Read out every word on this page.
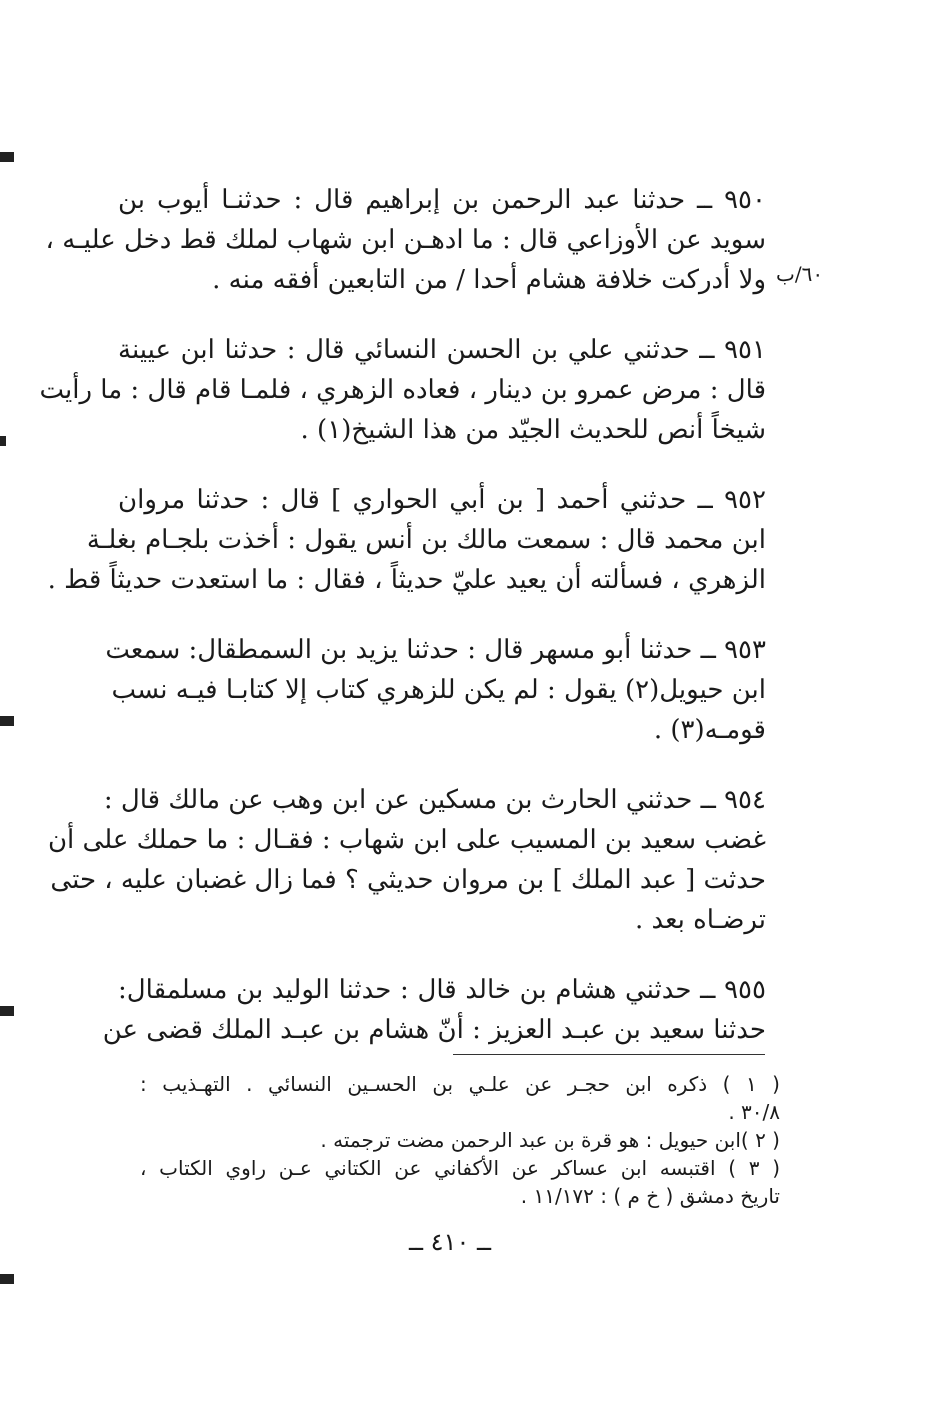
٩٥٠ ــ حدثنا عبد الرحمن بن إبراهيم قال : حدثنـا أيوب بن
سويد عن الأوزاعي قال : ما ادهـن ابن شهاب لملك قط دخل عليـه ،
ولا أدركت خلافة هشام أحدا / من التابعين أفقه منه . ٦٠/ب
٩٥١ ــ حدثني علي بن الحسن النسائي قال : حدثنا ابن عيينة
قال : مرض عمرو بن دينار ، فعاده الزهري ، فلمـا قام قال : ما رأيت
شيخاً أنص للحديث الجيّد من هذا الشيخ(١) .
٩٥٢ ــ حدثني أحمد [ بن أبي الحواري ] قال : حدثنا مروان
ابن محمد قال : سمعت مالك بن أنس يقول : أخذت بلجـام بغلـة
الزهري ، فسألته أن يعيد عليّ حديثاً ، فقال : ما استعدت حديثاً قط .
٩٥٣ ــ حدثنا أبو مسهر قال : حدثنا يزيد بن السمطقال: سمعت
ابن حيويل(٢) يقول : لم يكن للزهري كتاب إلا كتابـا فيـه نسب
قومـه(٣) .
٩٥٤ ــ حدثني الحارث بن مسكين عن ابن وهب عن مالك قال :
غضب سعيد بن المسيب على ابن شهاب : فقـال : ما حملك على أن
حدثت [ عبد الملك ] بن مروان حديثي ؟ فما زال غضبان عليه ، حتى
ترضـاه بعد .
٩٥٥ ــ حدثني هشام بن خالد قال : حدثنا الوليد بن مسلمقال:
حدثنا سعيد بن عبـد العزيز : أنّ هشام بن عبـد الملك قضى عن
( ١ ) ذكره ابن حجـر عن علـي بن الحسـين النسائي . التهـذيب :
٣٠/٨ .
( ٢ )ابن حيويل : هو قرة بن عبد الرحمن مضت ترجمته .
( ٣ ) اقتبسه ابن عساكر عن الأكفاني عن الكتاني عـن راوي الكتاب ،
تاريخ دمشق ( خ م ) : ١١/١٧٢ .
ــ ٤١٠ ــ
